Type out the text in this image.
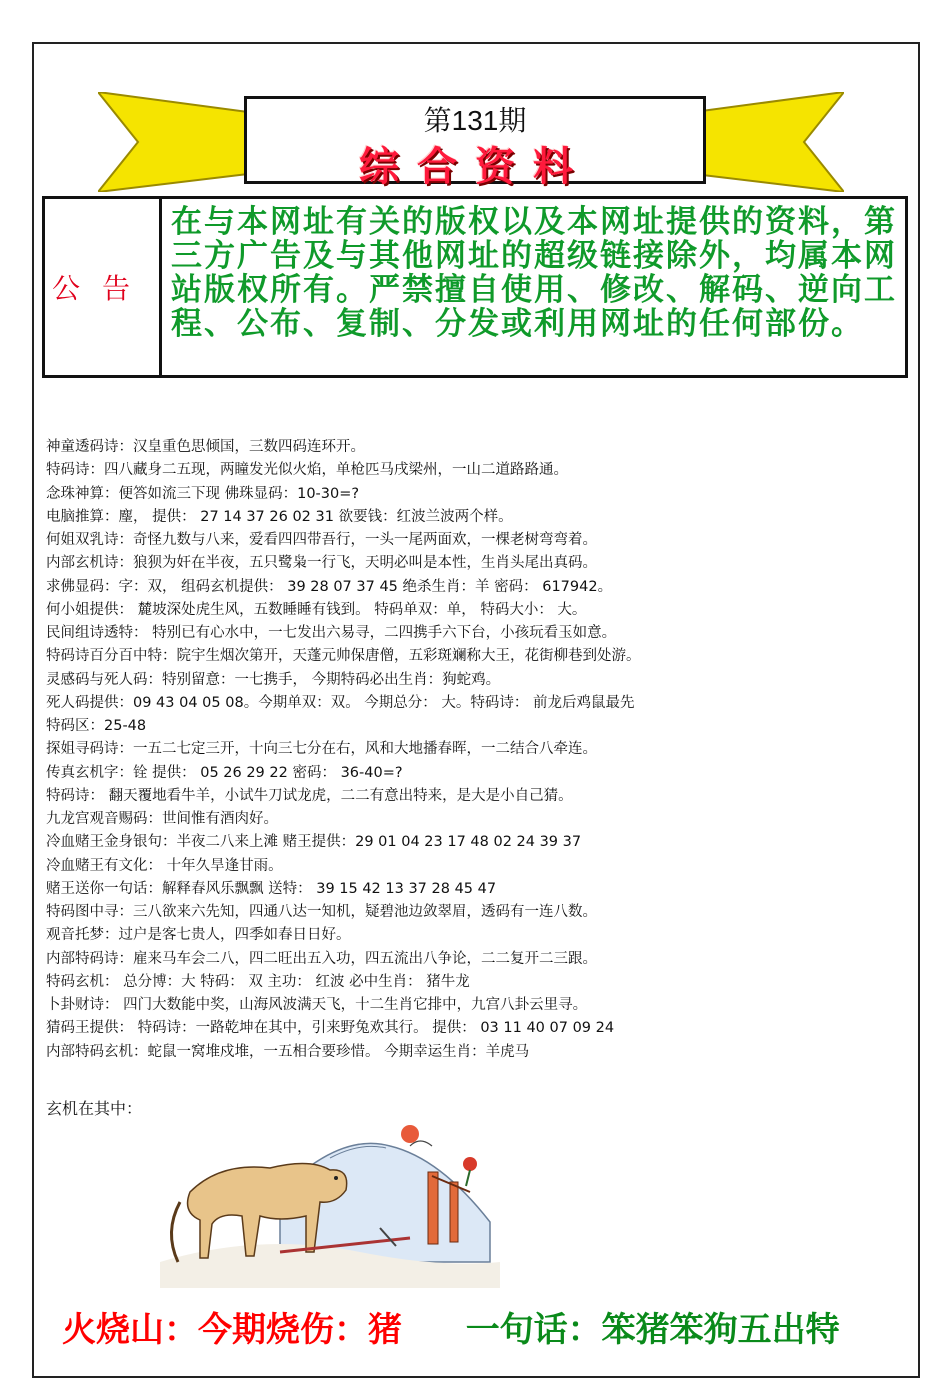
第131期
综合资料
公告
在与本网址有关的版权以及本网址提供的资料，第三方广告及与其他网址的超级链接除外，均属本网站版权所有。严禁擅自使用、修改、解码、逆向工程、公布、复制、分发或利用网址的任何部份。
神童透码诗：汉皇重色思倾国，三数四码连环开。
特码诗：四八藏身二五现，两瞳发光似火焰，单枪匹马戌梁州，一山二道路路通。
念珠神算：便答如流三下现 佛珠显码：10-30=?
电脑推算：麈， 提供： 27 14 37 26 02 31 欲要钱：红波兰波两个样。
何姐双乳诗：奇怪九数与八来，爱看四四带吾行，一头一尾两面欢，一棵老树弯弯着。
内部玄机诗：狼狈为奸在半夜，五只鹭枭一行飞，天明必叫是本性，生肖头尾出真码。
求佛显码：字：双， 组码玄机提供： 39 28 07 37 45 绝杀生肖：羊 密码： 617942。
何小姐提供： 麓坡深处虎生风，五数睡睡有钱到。 特码单双：单， 特码大小： 大。
民间组诗透特： 特别已有心水中，一七发出六易寻，二四携手六下台，小孩玩看玉如意。
特码诗百分百中特：院宇生烟次第开，天蓬元帅保唐僧，五彩斑斓称大王，花街柳巷到处游。
灵感码与死人码：特别留意：一七携手， 今期特码必出生肖：狗蛇鸡。
死人码提供：09 43 04 05 08。今期单双：双。 今期总分： 大。特码诗： 前龙后鸡鼠最先
特码区：25-48
探姐寻码诗：一五二七定三开，十向三七分在右，风和大地播春晖，一二结合八牵连。
传真玄机字：铨 提供： 05 26 29 22 密码： 36-40=?
特码诗： 翻天覆地看牛羊，小试牛刀试龙虎，二二有意出特来，是大是小自己猜。
九龙宫观音赐码：世间惟有酒肉好。
冷血赌王金身银句：半夜二八来上滩 赌王提供：29 01 04 23 17 48 02 24 39 37
冷血赌王有文化： 十年久旱逢甘雨。
赌王送你一句话：解释春风乐飘飘 送特： 39 15 42 13 37 28 45 47
特码图中寻：三八欲来六先知，四通八达一知机，疑碧池边敛翠眉，透码有一连八数。
观音托梦：过户是客七贵人，四季如春日日好。
内部特码诗：雇来马车会二八，四二旺出五入功，四五流出八争论，二二复开二三跟。
特码玄机： 总分博：大 特码： 双 主功： 红波 必中生肖： 猪牛龙
卜卦财诗： 四门大数能中奖，山海风波满天飞，十二生肖它排中，九宫八卦云里寻。
猜码王提供： 特码诗：一路乾坤在其中，引来野兔欢其行。 提供： 03 11 40 07 09 24
内部特码玄机：蛇鼠一窝堆戍堆，一五相合要珍惜。 今期幸运生肖：羊虎马
玄机在其中：
火烧山：今期烧伤：猪 一句话：笨猪笨狗五出特
